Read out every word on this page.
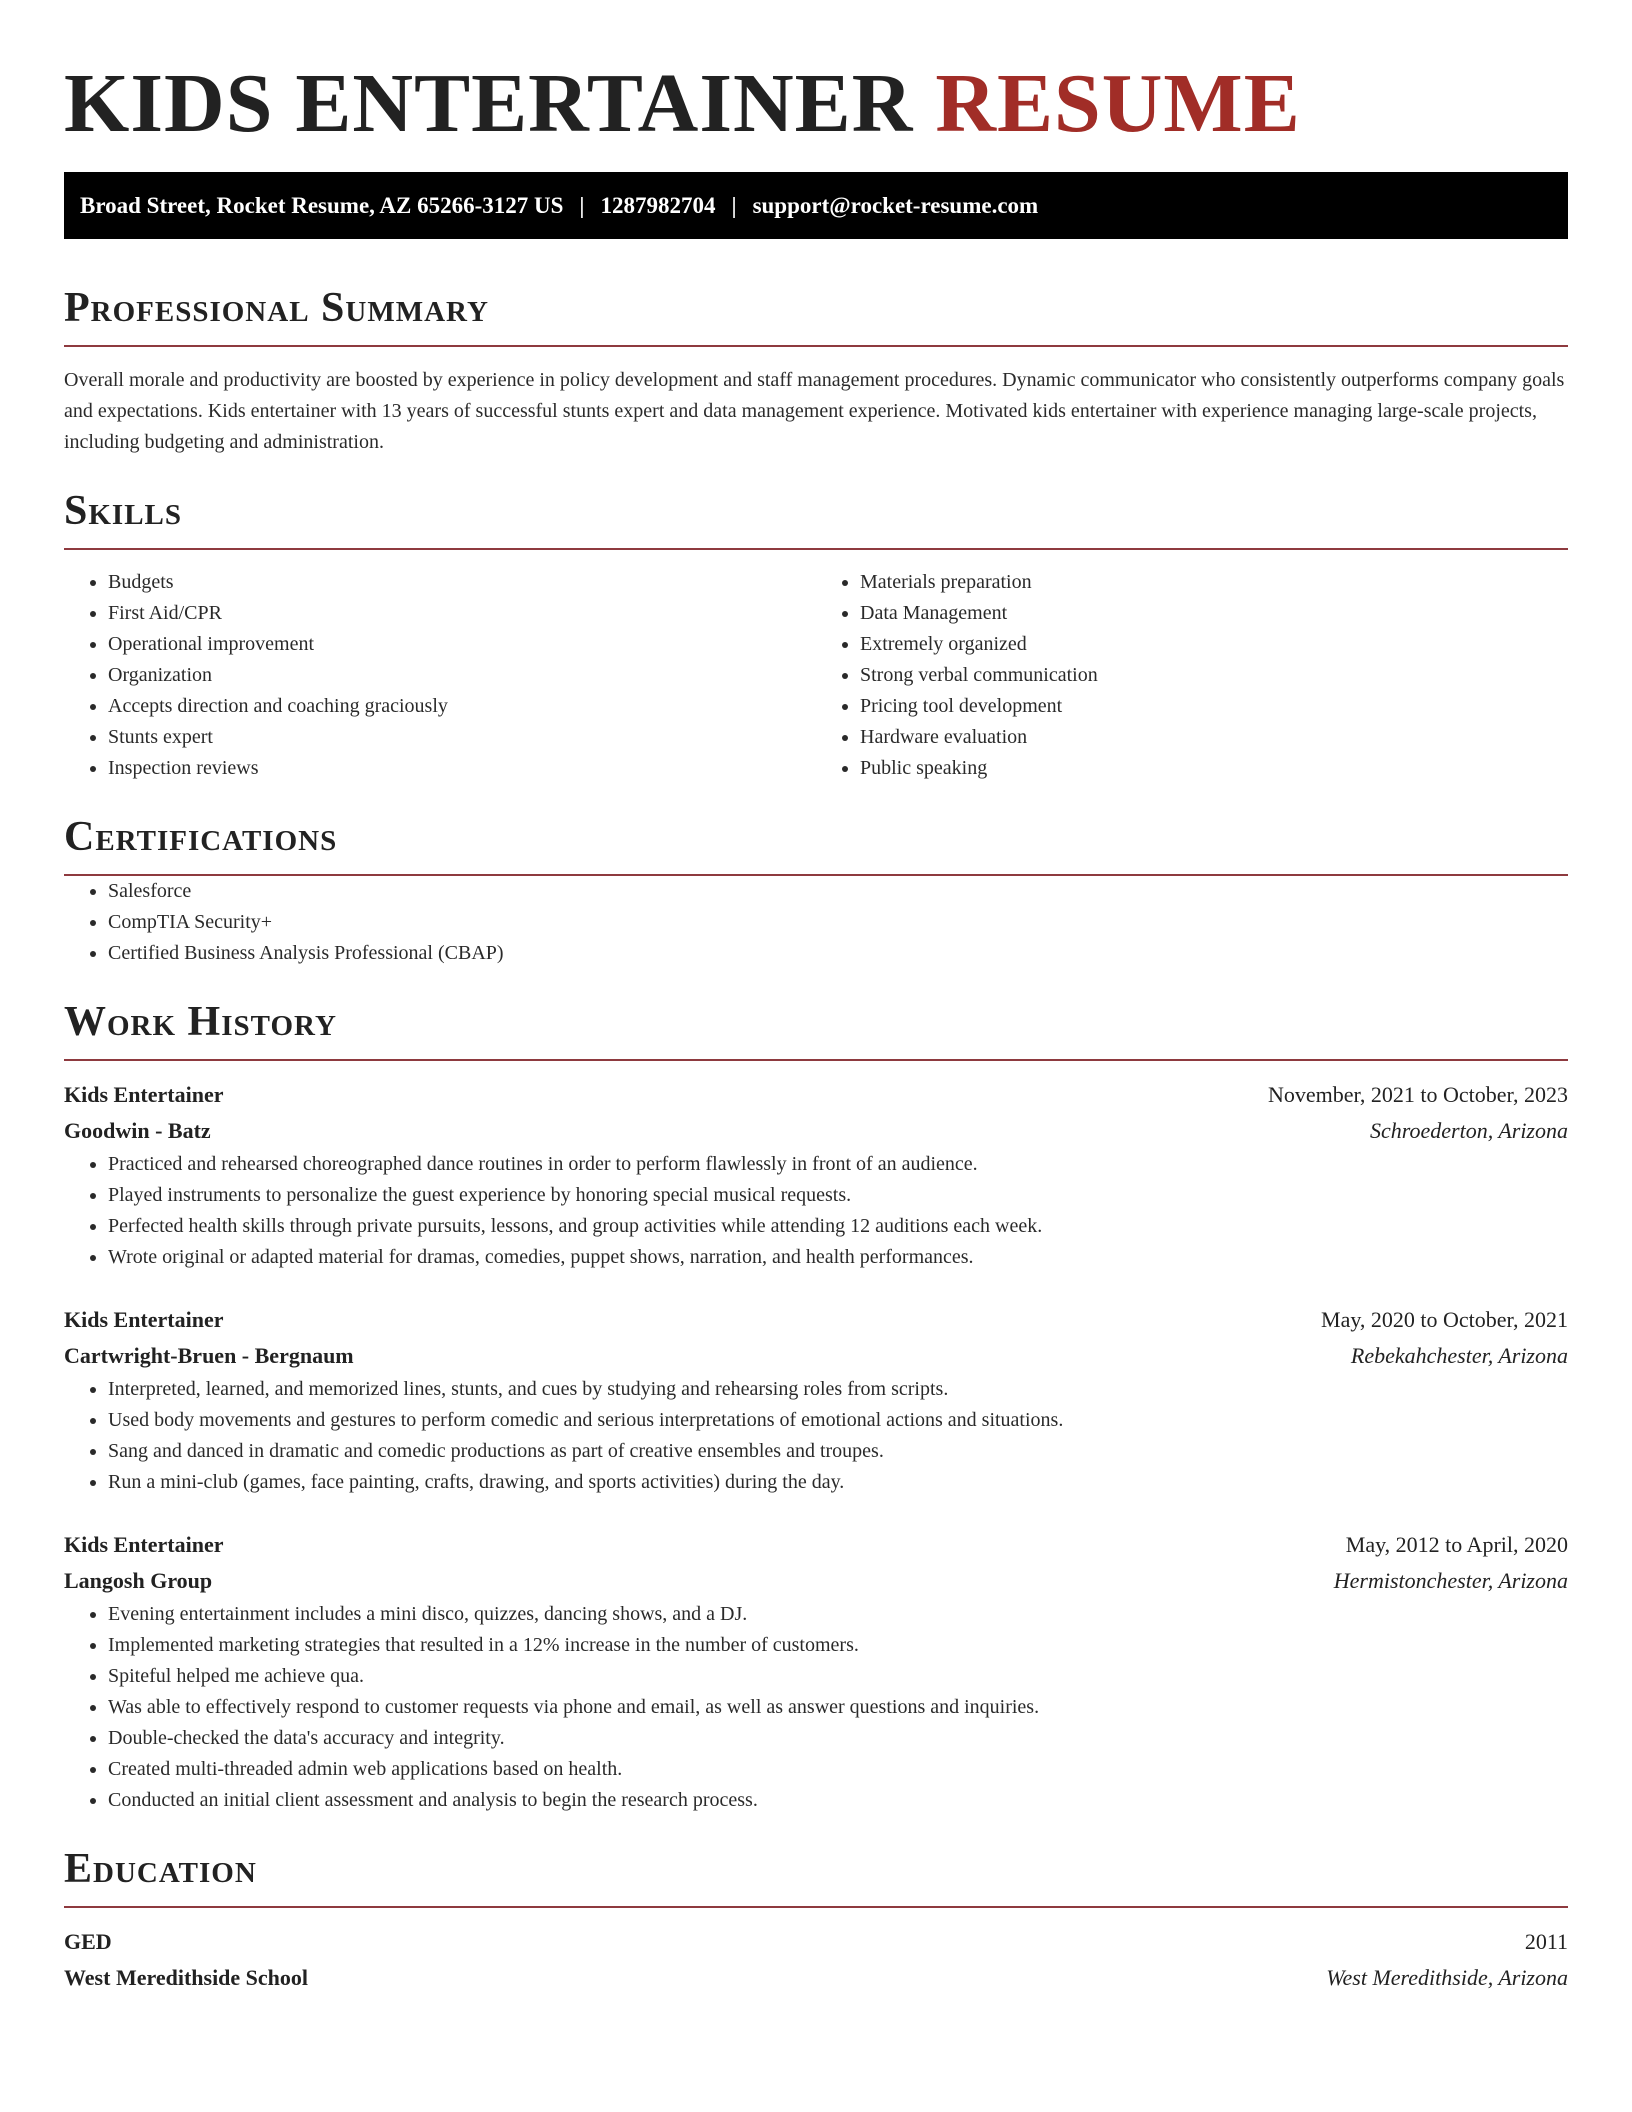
KIDS ENTERTAINER RESUME
Broad Street, Rocket Resume, AZ 65266-3127 US | 1287982704 | support@rocket-resume.com
Professional Summary

Overall morale and productivity are boosted by experience in policy development and staff management procedures. Dynamic communicator who consistently outperforms company goals and expectations. Kids entertainer with 13 years of successful stunts expert and data management experience. Motivated kids entertainer with experience managing large-scale projects, including budgeting and administration.

Skills
• Budgets
• First Aid/CPR
• Operational improvement
• Organization
• Accepts direction and coaching graciously
• Stunts expert
• Inspection reviews
• Materials preparation
• Data Management
• Extremely organized
• Strong verbal communication
• Pricing tool development
• Hardware evaluation
• Public speaking
Certifications
• Salesforce
• CompTIA Security+
• Certified Business Analysis Professional (CBAP)
Work History
Kids Entertainer	November, 2021 to October, 2023
Goodwin - Batz	Schroederton, Arizona
• Practiced and rehearsed choreographed dance routines in order to perform flawlessly in front of an audience.
• Played instruments to personalize the guest experience by honoring special musical requests.
• Perfected health skills through private pursuits, lessons, and group activities while attending 12 auditions each week.
• Wrote original or adapted material for dramas, comedies, puppet shows, narration, and health performances.
Kids Entertainer	May, 2020 to October, 2021
Cartwright-Bruen - Bergnaum	Rebekahchester, Arizona
• Interpreted, learned, and memorized lines, stunts, and cues by studying and rehearsing roles from scripts.
• Used body movements and gestures to perform comedic and serious interpretations of emotional actions and situations.
• Sang and danced in dramatic and comedic productions as part of creative ensembles and troupes.
• Run a mini-club (games, face painting, crafts, drawing, and sports activities) during the day.
Kids Entertainer	May, 2012 to April, 2020
Langosh Group	Hermistonchester, Arizona
• Evening entertainment includes a mini disco, quizzes, dancing shows, and a DJ.
• Implemented marketing strategies that resulted in a 12% increase in the number of customers.
• Spiteful helped me achieve qua.
• Was able to effectively respond to customer requests via phone and email, as well as answer questions and inquiries.
• Double-checked the data's accuracy and integrity.
• Created multi-threaded admin web applications based on health.
• Conducted an initial client assessment and analysis to begin the research process.
Education
GED	2011
West Meredithside School	West Meredithside, Arizona
